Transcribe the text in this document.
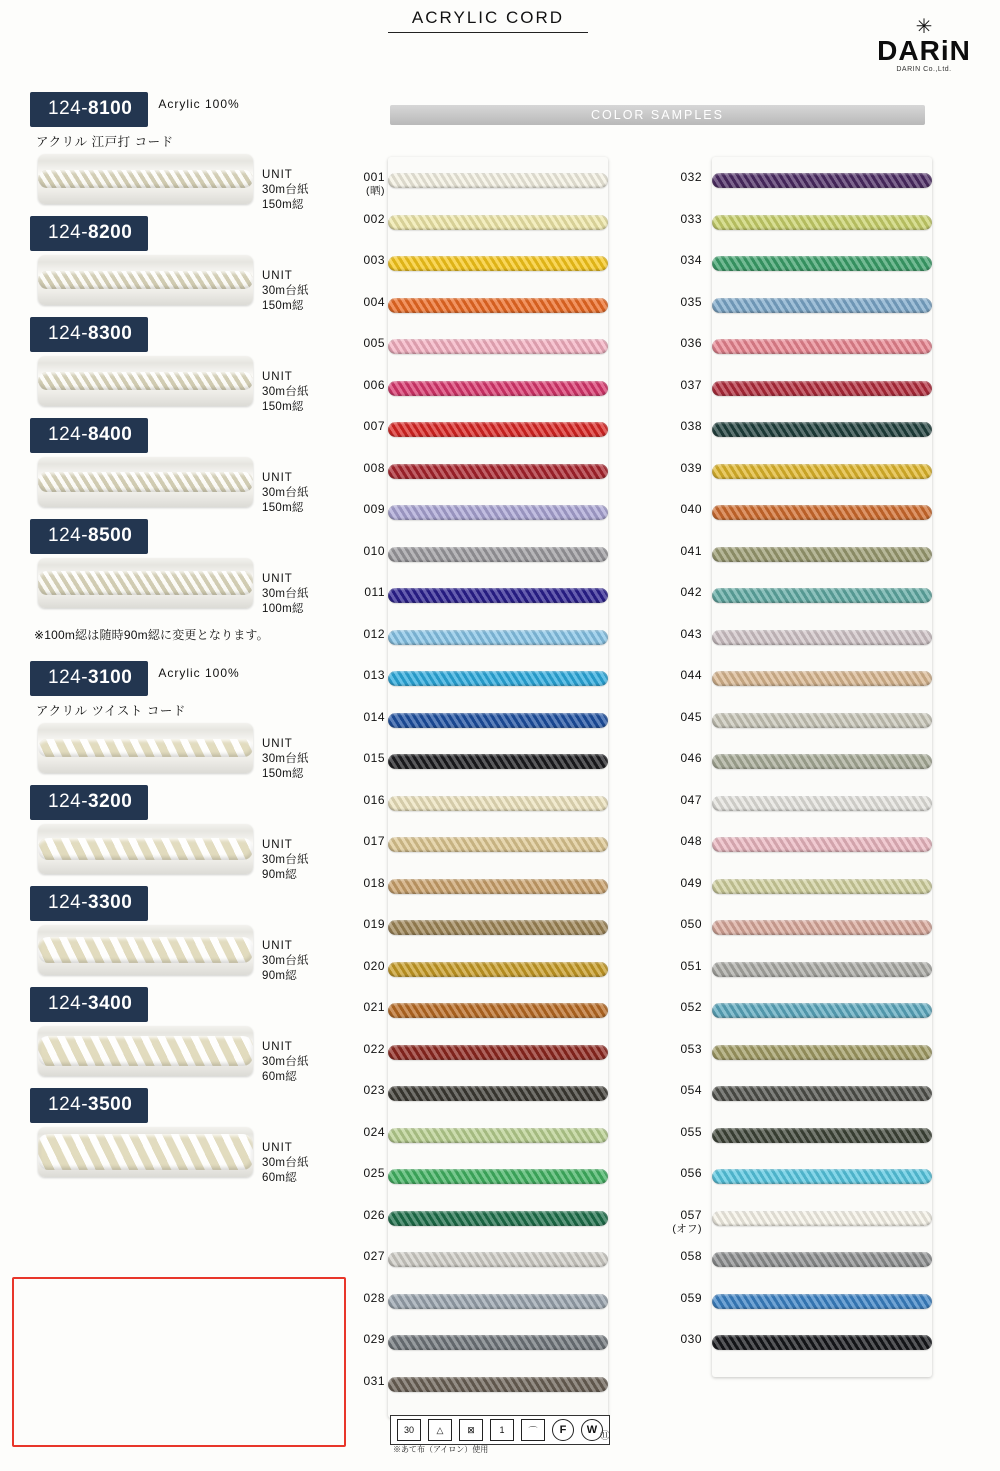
ACRYLIC CORD	✳
DARiN
DARIN Co.,Ltd.
124-8100 Acrylic 100%
アクリル 江戸打 コード
UNIT
30m台紙
150m綛
124-8200
UNIT
30m台紙
150m綛
124-8300
UNIT
30m台紙
150m綛
124-8400
UNIT
30m台紙
150m綛
124-8500
UNIT
30m台紙
100m綛
※100m綛は随時90m綛に変更となります。
124-3100 Acrylic 100%
アクリル ツイスト コード
UNIT
30m台紙
150m綛
124-3200
UNIT
30m台紙
90m綛
124-3300
UNIT
30m台紙
90m綛
124-3400
UNIT
30m台紙
60m綛
124-3500
UNIT
30m台紙
60m綛
COLOR SAMPLES
001
(晒)
002
003
004
005
006
007
008
009
010
011
012
013
014
015
016
017
018
019
020
021
022
023
024
025
026
027
028
029
031
032
033
034
035
036
037
038
039
040
041
042
043
044
045
046
047
048
049
050
051
052
053
054
055
056
057
(オフ)
058
059
030
30	△	⊠	1	⌒	F	W
※あて布（アイロン）使用
⑪
